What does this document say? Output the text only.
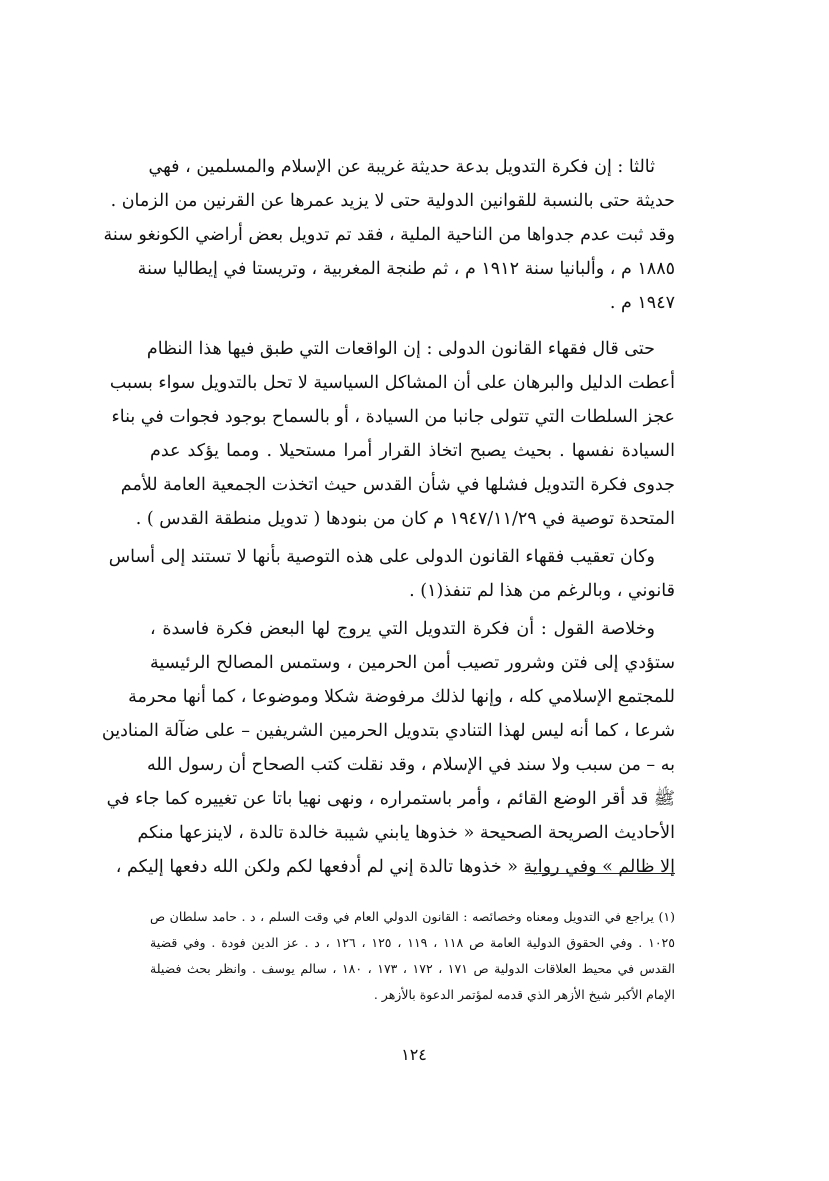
ثالثا : إن فكرة التدويل بدعة حديثة غريبة عن الإسلام والمسلمين ، فهي
حديثة حتى بالنسبة للقوانين الدولية حتى لا يزيد عمرها عن القرنين من الزمان .
وقد ثبت عدم جدواها من الناحية الملية ، فقد تم تدويل بعض أراضي الكونغو سنة
١٨٨٥ م ، وألبانيا سنة ١٩١٢ م ، ثم طنجة المغربية ، وتريستا في إيطاليا سنة
١٩٤٧ م .
حتى قال فقهاء القانون الدولى : إن الواقعات التي طبق فيها هذا النظام
أعطت الدليل والبرهان على أن المشاكل السياسية لا تحل بالتدويل سواء بسبب
عجز السلطات التي تتولى جانبا من السيادة ، أو بالسماح بوجود فجوات في بناء
السيادة نفسها . بحيث يصبح اتخاذ القرار أمرا مستحيلا . ومما يؤكد عدم
جدوى فكرة التدويل فشلها في شأن القدس حيث اتخذت الجمعية العامة للأمم
المتحدة توصية في ١٩٤٧/١١/٢٩ م كان من بنودها ( تدويل منطقة القدس ) .
وكان تعقيب فقهاء القانون الدولى على هذه التوصية بأنها لا تستند إلى أساس
قانوني ، وبالرغم من هذا لم تنفذ(١) .
وخلاصة القول : أن فكرة التدويل التي يروج لها البعض فكرة فاسدة ،
ستؤدي إلى فتن وشرور تصيب أمن الحرمين ، وستمس المصالح الرئيسية
للمجتمع الإسلامي كله ، وإنها لذلك مرفوضة شكلا وموضوعا ، كما أنها محرمة
شرعا ، كما أنه ليس لهذا التنادي بتدويل الحرمين الشريفين – على ضآلة المنادين
به – من سبب ولا سند في الإسلام ، وقد نقلت كتب الصحاح أن رسول الله
ﷺ قد أقر الوضع القائم ، وأمر باستمراره ، ونهى نهيا باتا عن تغييره كما جاء في
الأحاديث الصريحة الصحيحة « خذوها يابني شيبة خالدة تالدة ، لاينزعها منكم
إلا ظالم » وفي رواية « خذوها تالدة إني لم أدفعها لكم ولكن الله دفعها إليكم ،
(١) يراجع في التدويل ومعناه وخصائصه : القانون الدولي العام في وقت السلم ، د . حامد سلطان ص
١٠٢٥ . وفي الحقوق الدولية العامة ص ١١٨ ، ١١٩ ، ١٢٥ ، ١٢٦ ، د . عز الدين فودة . وفي قضية
القدس في محيط العلاقات الدولية ص ١٧١ ، ١٧٢ ، ١٧٣ ، ١٨٠ ، سالم يوسف . وانظر بحث فضيلة
الإمام الأكبر شيخ الأزهر الذي قدمه لمؤتمر الدعوة بالأزهر .
١٢٤
